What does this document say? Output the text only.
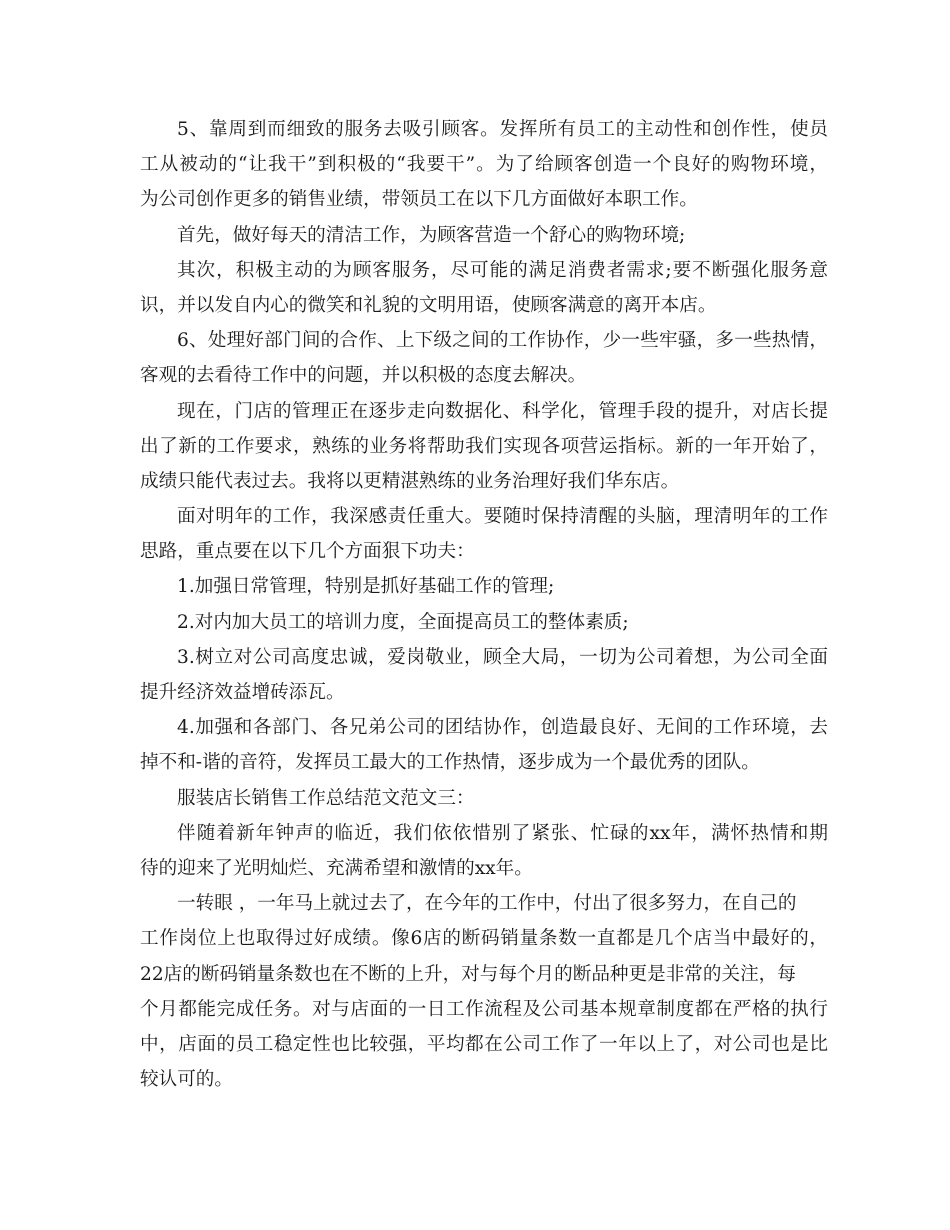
5、靠周到而细致的服务去吸引顾客。发挥所有员工的主动性和创作性，使员
工从被动的“让我干”到积极的“我要干”。为了给顾客创造一个良好的购物环境，
为公司创作更多的销售业绩，带领员工在以下几方面做好本职工作。
首先，做好每天的清洁工作，为顾客营造一个舒心的购物环境;
其次，积极主动的为顾客服务，尽可能的满足消费者需求;要不断强化服务意
识，并以发自内心的微笑和礼貌的文明用语，使顾客满意的离开本店。
6、处理好部门间的合作、上下级之间的工作协作，少一些牢骚，多一些热情，
客观的去看待工作中的问题，并以积极的态度去解决。
现在，门店的管理正在逐步走向数据化、科学化，管理手段的提升，对店长提
出了新的工作要求，熟练的业务将帮助我们实现各项营运指标。新的一年开始了，
成绩只能代表过去。我将以更精湛熟练的业务治理好我们华东店。
面对明年的工作，我深感责任重大。要随时保持清醒的头脑，理清明年的工作
思路，重点要在以下几个方面狠下功夫：
1.加强日常管理，特别是抓好基础工作的管理;
2.对内加大员工的培训力度，全面提高员工的整体素质;
3.树立对公司高度忠诚，爱岗敬业，顾全大局，一切为公司着想，为公司全面
提升经济效益增砖添瓦。
4.加强和各部门、各兄弟公司的团结协作，创造最良好、无间的工作环境，去
掉不和-谐的音符，发挥员工最大的工作热情，逐步成为一个最优秀的团队。
服装店长销售工作总结范文范文三：
伴随着新年钟声的临近，我们依依惜别了紧张、忙碌的xx年，满怀热情和期
待的迎来了光明灿烂、充满希望和激情的xx年。
一转眼 ，一年马上就过去了，在今年的工作中，付出了很多努力，在自己的
工作岗位上也取得过好成绩。像6店的断码销量条数一直都是几个店当中最好的，
22店的断码销量条数也在不断的上升，对与每个月的断品种更是非常的关注，每
个月都能完成任务。对与店面的一日工作流程及公司基本规章制度都在严格的执行
中，店面的员工稳定性也比较强，平均都在公司工作了一年以上了，对公司也是比
较认可的。
